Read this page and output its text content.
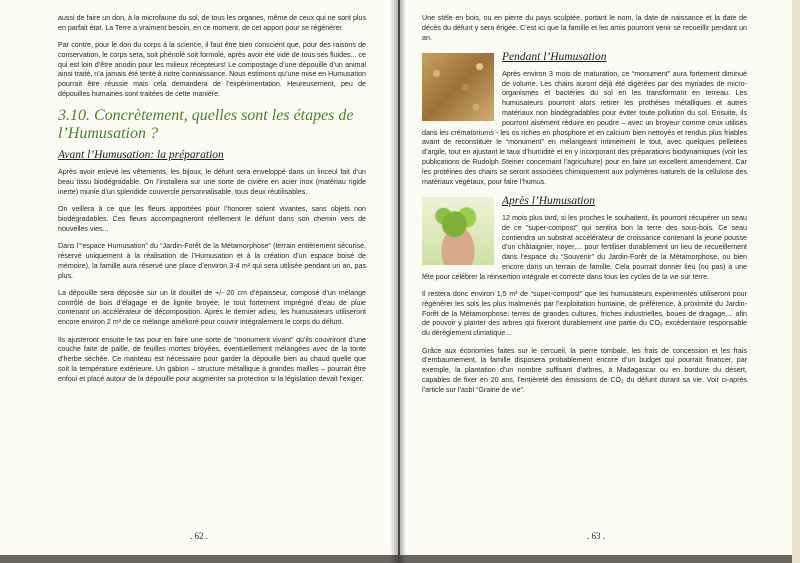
aussi de faire un don, à la microfaune du sol, de tous les organes, même de ceux qui ne sont plus en parfait état. La Terre a vraiment besoin, en ce moment, de cet apport pour se régénérer.

Par contre, pour le don du corps à la science, il faut être bien conscient que, pour des raisons de conservation, le corps sera, soit phénolé soit formolé, après avoir été vidé de tous ses fluides... ce qui est loin d’être anodin pour les milieux récepteurs! Le compostage d’une dépouille d’un animal ainsi traité, n’a jamais été tenté à notre connaissance. Nous estimons qu’une mise en Humusation pourrait être réussie mais cela demandera de l’expérimentation. Heureusement, peu de dépouilles humaines sont traitées de cette manière.

3.10. Concrètement, quelles sont les étapes de l’Humusation ?
Avant l’Humusation: la préparation

Après avoir enlevé les vêtements, les bijoux, le défunt sera enveloppé dans un linceul fait d’un beau tissu biodégradable. On l’installera sur une sorte de civière en acier inox (matériau rigide inerte) munie d’un splendide couvercle personnalisable, tous deux réutilisables.

On veillera à ce que les fleurs apportées pour l’honorer soient vivantes, sans objets non biodégradables. Ces fleurs accompagneront réellement le défunt dans son chemin vers de nouvelles vies...

Dans l’“espace Humusation” du “Jardin-Forêt de la Métamorphose” (terrain entièrement sécurisé, réservé uniquement à la réalisation de l’Humusation et à la création d’un espace boisé de mémoire), la famille aura réservé une place d’environ 3-4 m² qui sera utilisée pendant un an, pas plus.

La dépouille sera déposée sur un lit douillet de +/- 20 cm d’épaisseur, composé d’un mélange contrôlé de bois d’élagage et de lignite broyée; le tout fortement imprégné d’eau de pluie contenant un accélérateur de décomposition. Après le dernier adieu, les humusateurs utiliseront encore environ 2 m³ de ce mélange amélioré pour couvrir intégralement le corps du défunt.

Ils ajusteront ensuite le tas pour en faire une sorte de “monument vivant” qu’ils couvriront d’une couche faite de paille, de feuilles mortes broyées, éventuellement mélangées avec de la tonte d’herbe séchée. Ce manteau est nécessaire pour garder la dépouille bien au chaud quelle que soit la température extérieure. Un gabion – structure métallique à grandes mailles – pourrait être enfoui et placé autour de la dépouille pour augmenter sa protection si la législation devait l’exiger.

. 62 .

Une stèle en bois, ou en pierre du pays sculptée, portant le nom, la date de naissance et la date de décès du défunt y sera érigée. C’est ici que la famille et les amis pourront venir se recueillir pendant un an.

Pendant l’Humusation

Après environ 3 mois de maturation, ce “monument” aura fortement diminué de volume. Les chairs auront déjà été digérées par des myriades de micro-organismes et bactéries du sol en les transformant en terreau. Les humusateurs pourront alors retirer les prothèses métalliques et autres matériaux non biodégradables pour éviter toute pollution du sol. Ensuite, ils pourront aisément réduire en poudre – avec un broyeur comme ceux utilisés dans les crématoriums - les os riches en phosphore et en calcium bien nettoyés et rendus plus friables avant de reconstituer le “monument” en mélangeant intimement le tout, avec quelques pelletées d’argile, tout en ajustant le taux d’humidité et en y incorporant des préparations biodynamiques (voir les publications de Rudolph Steiner concernant l’agriculture) pour en faire un excellent amendement. Car les protéines des chairs se seront associées chimiquement aux polymères naturels de la cellulose des matériaux végétaux, pour faire l’humus.

Après l’Humusation

12 mois plus tard, si les proches le souhaitent, ils pourront récupérer un seau de ce “super-compost” qui sentira bon la terre des sous-bois. Ce seau contiendra un substrat accélérateur de croissance contenant la jeune pousse d’un châtaignier, noyer,... pour fertiliser durablement un lieu de recueillement dans l’espace du “Souvenir” du Jardin-Forêt de la Métamorphose, ou bien encore dans un terrain de famille. Cela pourrait donner lieu (ou pas) à une fête pour célébrer la réinsertion intégrale et correcte dans tous les cycles de la vie sur terre.

Il restera donc environ 1,5 m³ de “super-compost” que les humusateurs expérimentés utiliseront pour régénérer les sols les plus malmenés par l’exploitation humaine, de préférence, à proximité du Jardin-Forêt de la Métamorphose: terres de grandes cultures, friches industrielles, boues de dragage,... afin de pouvoir y planter des arbres qui fixeront durablement une partie du CO₂ excédentaire responsable du dérèglement climatique...

Grâce aux économies faites sur le cercueil, la pierre tombale, les frais de concession et les frais d’embaumement, la famille disposera probablement encore d’un budget qui pourrait financer, par exemple, la plantation d’un nombre suffisant d’arbres, à Madagascar ou en bordure du désert, capables de fixer en 20 ans, l’entièreté des émissions de CO₂ du défunt durant sa vie. Voir ci-après l’article sur l’asbl “Graine de vie”.

. 63 .
